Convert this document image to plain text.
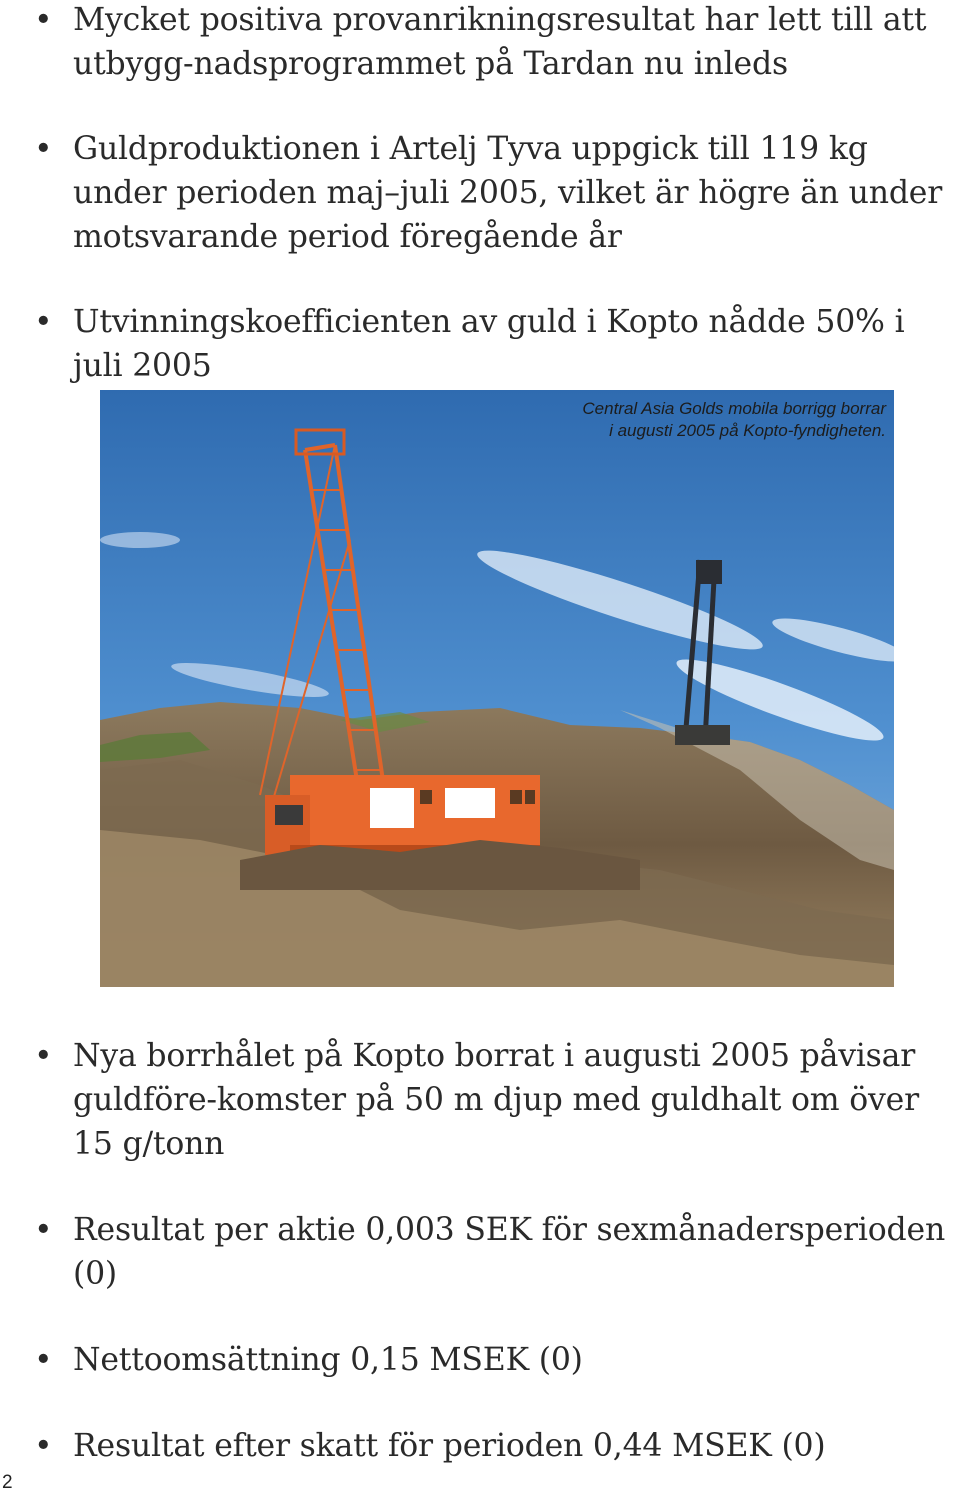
• Mycket positiva provanrikningsresultat har lett till att utbygg-nadsprogrammet på Tardan nu inleds
• Guldproduktionen i Artelj Tyva uppgick till 119 kg under perioden maj–juli 2005, vilket är högre än under motsvarande period föregående år
• Utvinningskoefficienten av guld i Kopto nådde 50% i juli 2005
Central Asia Golds mobila borrigg borrar
i augusti 2005 på Kopto-fyndigheten.
• Nya borrhålet på Kopto borrat i augusti 2005 påvisar guldföre-komster på 50 m djup med guldhalt om över 15 g/tonn
• Resultat per aktie 0,003 SEK för sexmånadersperioden (0)
• Nettoomsättning 0,15 MSEK (0)
• Resultat efter skatt för perioden 0,44 MSEK (0)
2
